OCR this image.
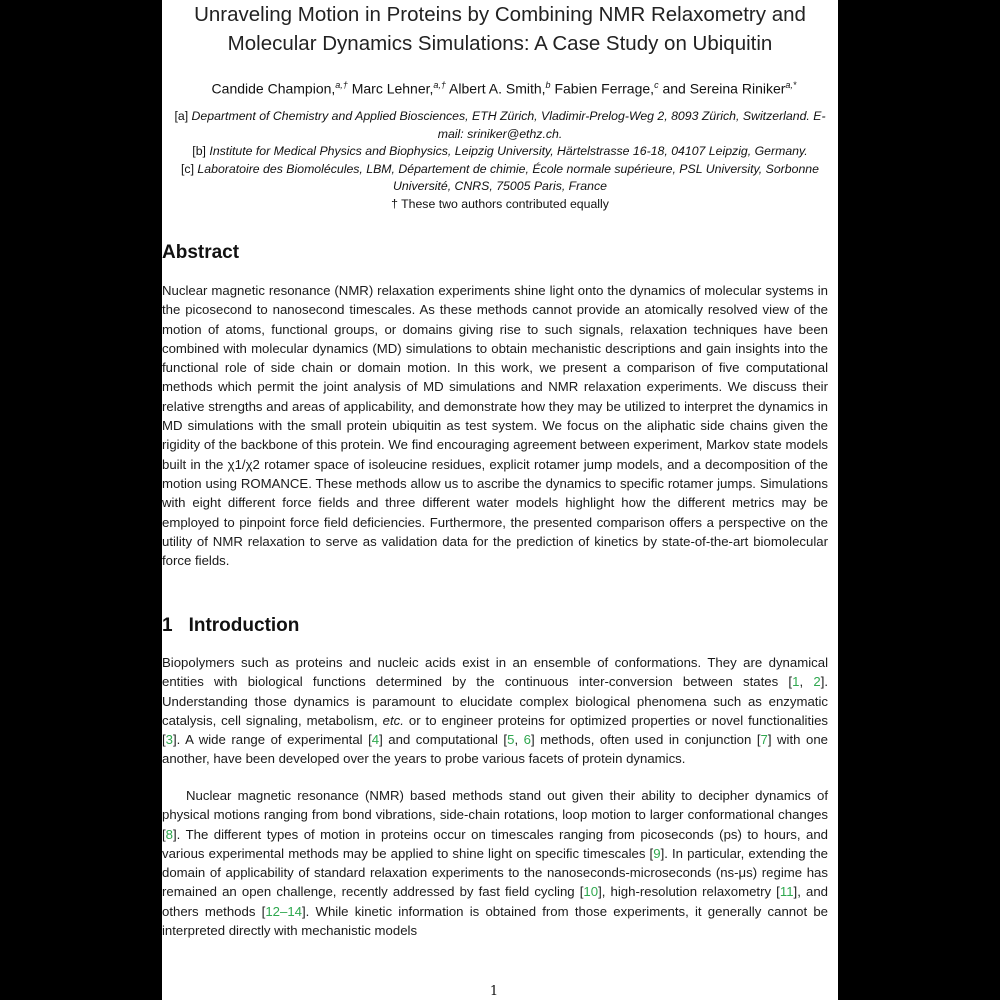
Unraveling Motion in Proteins by Combining NMR Relaxometry and
Molecular Dynamics Simulations: A Case Study on Ubiquitin
Candide Champion,$^{a,\dagger}$ Marc Lehner,$^{a,\dagger}$ Albert A. Smith,$^b$ Fabien Ferrage,$^c$ and Sereina Riniker$^{a,*}$
[a] Department of Chemistry and Applied Biosciences, ETH Zürich, Vladimir-Prelog-Weg 2, 8093 Zürich, Switzerland. E-mail: sriniker@ethz.ch.
[b] Institute for Medical Physics and Biophysics, Leipzig University, Härtelstrasse 16-18, 04107 Leipzig, Germany.
[c] Laboratoire des Biomolécules, LBM, Département de chimie, École normale supérieure, PSL University, Sorbonne Université, CNRS, 75005 Paris, France
† These two authors contributed equally
Abstract

Nuclear magnetic resonance (NMR) relaxation experiments shine light onto the dynamics of molecular systems in the picosecond to nanosecond timescales. As these methods cannot provide an atomically resolved view of the motion of atoms, functional groups, or domains giving rise to such signals, relaxation techniques have been combined with molecular dynamics (MD) simulations to obtain mechanistic descriptions and gain insights into the functional role of side chain or domain motion. In this work, we present a comparison of five computational methods which permit the joint analysis of MD simulations and NMR relaxation experiments. We discuss their relative strengths and areas of applicability, and demonstrate how they may be utilized to interpret the dynamics in MD simulations with the small protein ubiquitin as test system. We focus on the aliphatic side chains given the rigidity of the backbone of this protein. We find encouraging agreement between experiment, Markov state models built in the χ1/χ2 rotamer space of isoleucine residues, explicit rotamer jump models, and a decomposition of the motion using ROMANCE. These methods allow us to ascribe the dynamics to specific rotamer jumps. Simulations with eight different force fields and three different water models highlight how the different metrics may be employed to pinpoint force field deficiencies. Furthermore, the presented comparison offers a perspective on the utility of NMR relaxation to serve as validation data for the prediction of kinetics by state-of-the-art biomolecular force fields.

1 Introduction

Biopolymers such as proteins and nucleic acids exist in an ensemble of conformations. They are dynamical entities with biological functions determined by the continuous inter-conversion between states [1, 2]. Understanding those dynamics is paramount to elucidate complex biological phenomena such as enzymatic catalysis, cell signaling, metabolism, etc. or to engineer proteins for optimized properties or novel functionalities [3]. A wide range of experimental [4] and computational [5, 6] methods, often used in conjunction [7] with one another, have been developed over the years to probe various facets of protein dynamics.

Nuclear magnetic resonance (NMR) based methods stand out given their ability to decipher dynamics of physical motions ranging from bond vibrations, side-chain rotations, loop motion to larger conformational changes [8]. The different types of motion in proteins occur on timescales ranging from picoseconds (ps) to hours, and various experimental methods may be applied to shine light on specific timescales [9]. In particular, extending the domain of applicability of standard relaxation experiments to the nanoseconds-microseconds (ns-μs) regime has remained an open challenge, recently addressed by fast field cycling [10], high-resolution relaxometry [11], and others methods [12–14]. While kinetic information is obtained from those experiments, it generally cannot be interpreted directly with mechanistic models

1
